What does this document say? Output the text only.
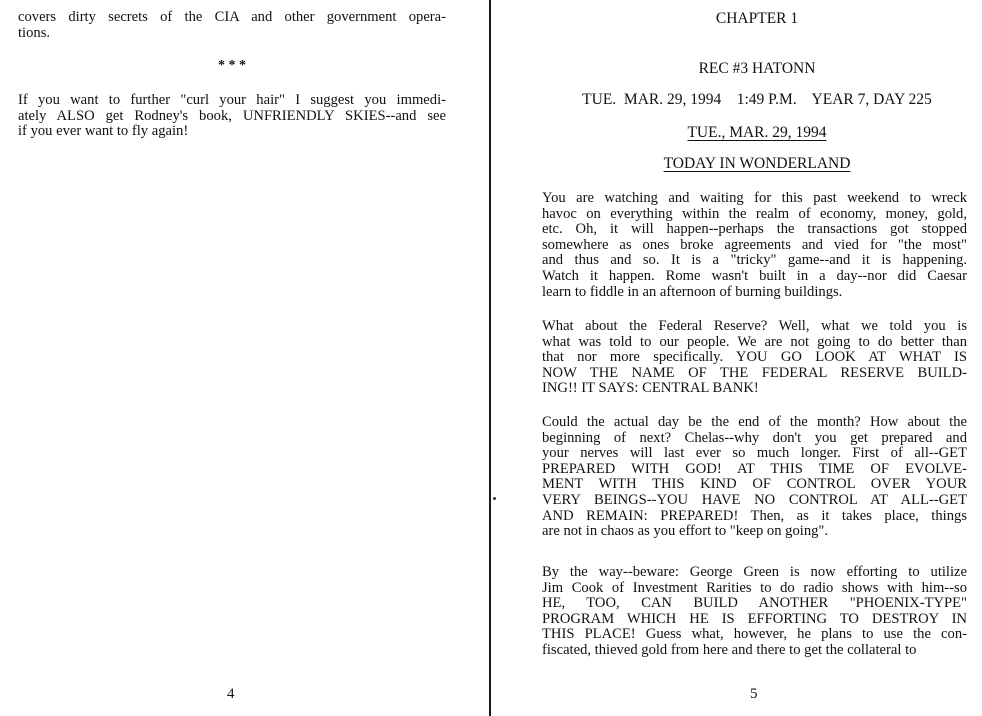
covers dirty secrets of the CIA and other government opera-
tions.
* * *
If you want to further "curl your hair" I suggest you immedi-
ately ALSO get Rodney's book, UNFRIENDLY SKIES--and see
if you ever want to fly again!
4
CHAPTER 1
REC #3 HATONN
TUE.  MAR. 29, 1994    1:49 P.M.    YEAR 7, DAY 225
TUE., MAR. 29, 1994
TODAY IN WONDERLAND
You are watching and waiting for this past weekend to wreck
havoc on everything within the realm of economy, money, gold,
etc. Oh, it will happen--perhaps the transactions got stopped
somewhere as ones broke agreements and vied for "the most"
and thus and so. It is a "tricky" game--and it is happening.
Watch it happen. Rome wasn't built in a day--nor did Caesar
learn to fiddle in an afternoon of burning buildings.
What about the Federal Reserve? Well, what we told you is
what was told to our people. We are not going to do better than
that nor more specifically. YOU GO LOOK AT WHAT IS
NOW THE NAME OF THE FEDERAL RESERVE BUILD-
ING!! IT SAYS: CENTRAL BANK!
Could the actual day be the end of the month? How about the
beginning of next? Chelas--why don't you get prepared and
your nerves will last ever so much longer. First of all--GET
PREPARED WITH GOD! AT THIS TIME OF EVOLVE-
MENT WITH THIS KIND OF CONTROL OVER YOUR
VERY BEINGS--YOU HAVE NO CONTROL AT ALL--GET
AND REMAIN: PREPARED! Then, as it takes place, things
are not in chaos as you effort to "keep on going".
By the way--beware: George Green is now efforting to utilize
Jim Cook of Investment Rarities to do radio shows with him--so
HE, TOO, CAN BUILD ANOTHER "PHOENIX-TYPE"
PROGRAM WHICH HE IS EFFORTING TO DESTROY IN
THIS PLACE! Guess what, however, he plans to use the con-
fiscated, thieved gold from here and there to get the collateral to
5
